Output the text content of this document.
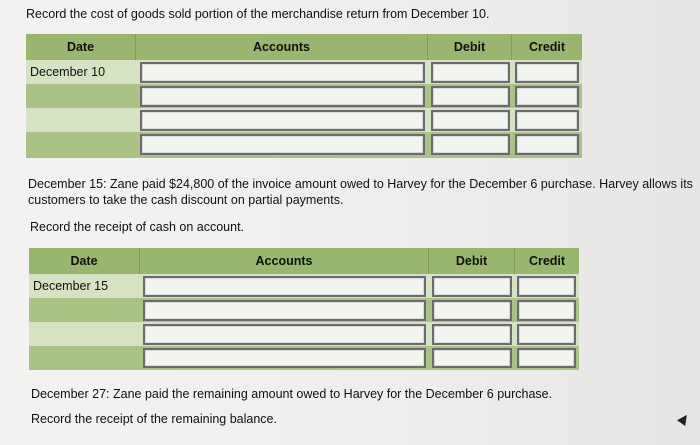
Record the cost of goods sold portion of the merchandise return from December 10.
Date	Accounts	Debit	Credit
December 10
December 15: Zane paid $24,800 of the invoice amount owed to Harvey for the December 6 purchase. Harvey allows its customers to take the cash discount on partial payments.
Record the receipt of cash on account.
Date	Accounts	Debit	Credit
December 15
December 27: Zane paid the remaining amount owed to Harvey for the December 6 purchase.
Record the receipt of the remaining balance.
